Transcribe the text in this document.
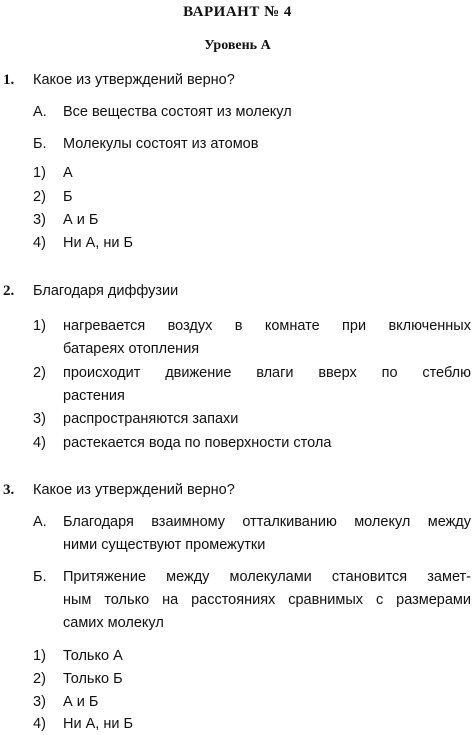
ВАРИАНТ № 4
Уровень А
1. Какое из утверждений верно?
А. Все вещества состоят из молекул
Б. Молекулы состоят из атомов
1) А
2) Б
3) А и Б
4) Ни А, ни Б
2. Благодаря диффузии
1) нагревается воздух в комнате при включенных
батареях отопления
2) происходит движение влаги вверх по стеблю
растения
3) распространяются запахи
4) растекается вода по поверхности стола
3. Какое из утверждений верно?
А. Благодаря взаимному отталкиванию молекул между
ними существуют промежутки
Б. Притяжение между молекулами становится замет-
ным только на расстояниях сравнимых с размерами
самих молекул
1) Только А
2) Только Б
3) А и Б
4) Ни А, ни Б
